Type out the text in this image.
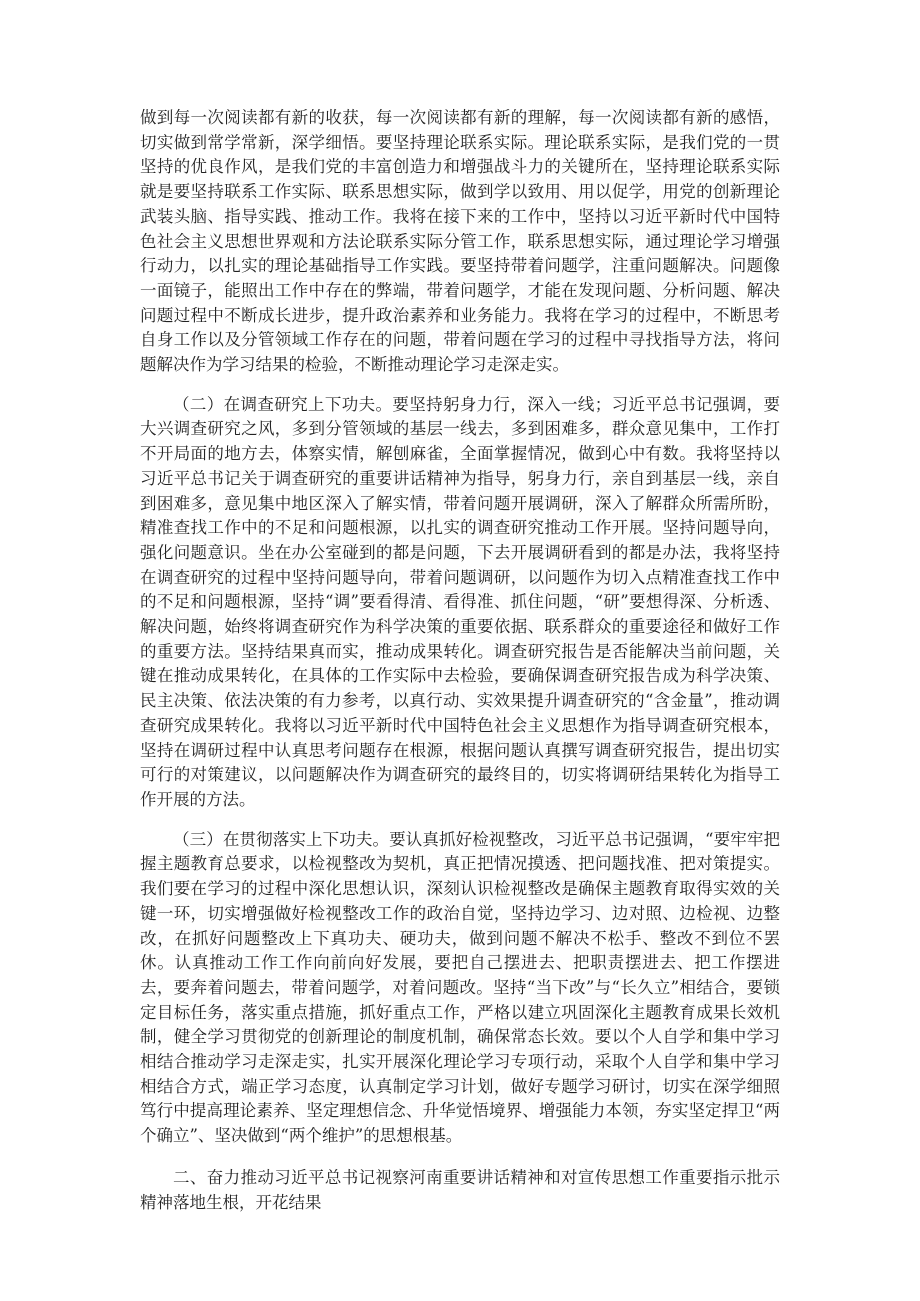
做到每一次阅读都有新的收获，每一次阅读都有新的理解，每一次阅读都有新的感悟，切实做到常学常新，深学细悟。要坚持理论联系实际。理论联系实际，是我们党的一贯坚持的优良作风，是我们党的丰富创造力和增强战斗力的关键所在，坚持理论联系实际就是要坚持联系工作实际、联系思想实际，做到学以致用、用以促学，用党的创新理论武装头脑、指导实践、推动工作。我将在接下来的工作中，坚持以习近平新时代中国特色社会主义思想世界观和方法论联系实际分管工作，联系思想实际，通过理论学习增强行动力，以扎实的理论基础指导工作实践。要坚持带着问题学，注重问题解决。问题像一面镜子，能照出工作中存在的弊端，带着问题学，才能在发现问题、分析问题、解决问题过程中不断成长进步，提升政治素养和业务能力。我将在学习的过程中，不断思考自身工作以及分管领域工作存在的问题，带着问题在学习的过程中寻找指导方法，将问题解决作为学习结果的检验，不断推动理论学习走深走实。

（二）在调查研究上下功夫。要坚持躬身力行，深入一线；习近平总书记强调，要大兴调查研究之风，多到分管领域的基层一线去，多到困难多，群众意见集中，工作打不开局面的地方去，体察实情，解刨麻雀，全面掌握情况，做到心中有数。我将坚持以习近平总书记关于调查研究的重要讲话精神为指导，躬身力行，亲自到基层一线，亲自到困难多，意见集中地区深入了解实情，带着问题开展调研，深入了解群众所需所盼，精准查找工作中的不足和问题根源，以扎实的调查研究推动工作开展。坚持问题导向，强化问题意识。坐在办公室碰到的都是问题，下去开展调研看到的都是办法，我将坚持在调查研究的过程中坚持问题导向，带着问题调研，以问题作为切入点精准查找工作中的不足和问题根源，坚持“调”要看得清、看得准、抓住问题，“研”要想得深、分析透、解决问题，始终将调查研究作为科学决策的重要依据、联系群众的重要途径和做好工作的重要方法。坚持结果真而实，推动成果转化。调查研究报告是否能解决当前问题，关键在推动成果转化，在具体的工作实际中去检验，要确保调查研究报告成为科学决策、民主决策、依法决策的有力参考，以真行动、实效果提升调查研究的“含金量”，推动调查研究成果转化。我将以习近平新时代中国特色社会主义思想作为指导调查研究根本，坚持在调研过程中认真思考问题存在根源，根据问题认真撰写调查研究报告，提出切实可行的对策建议，以问题解决作为调查研究的最终目的，切实将调研结果转化为指导工作开展的方法。

（三）在贯彻落实上下功夫。要认真抓好检视整改，习近平总书记强调，“要牢牢把握主题教育总要求，以检视整改为契机，真正把情况摸透、把问题找准、把对策提实。我们要在学习的过程中深化思想认识，深刻认识检视整改是确保主题教育取得实效的关键一环，切实增强做好检视整改工作的政治自觉，坚持边学习、边对照、边检视、边整改，在抓好问题整改上下真功夫、硬功夫，做到问题不解决不松手、整改不到位不罢休。认真推动工作工作向前向好发展，要把自己摆进去、把职责摆进去、把工作摆进去，要奔着问题去，带着问题学，对着问题改。坚持“当下改”与“长久立”相结合，要锁定目标任务，落实重点措施，抓好重点工作，严格以建立巩固深化主题教育成果长效机制，健全学习贯彻党的创新理论的制度机制，确保常态长效。要以个人自学和集中学习相结合推动学习走深走实，扎实开展深化理论学习专项行动，采取个人自学和集中学习相结合方式，端正学习态度，认真制定学习计划，做好专题学习研讨，切实在深学细照笃行中提高理论素养、坚定理想信念、升华觉悟境界、增强能力本领，夯实坚定捍卫“两个确立”、坚决做到“两个维护”的思想根基。

二、奋力推动习近平总书记视察河南重要讲话精神和对宣传思想工作重要指示批示精神落地生根，开花结果
